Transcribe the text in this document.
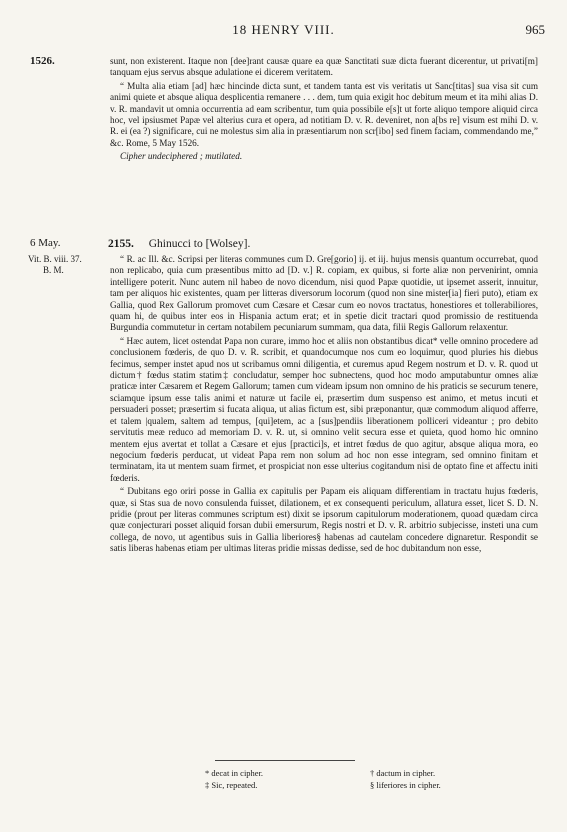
18 HENRY VIII.	965
1526.	sunt, non existerent. Itaque non [dee]rant causæ quare ea quæ Sanctitati suæ dicta fuerant dicerentur, ut privati[m] tanquam ejus servus absque adulatione ei dicerem veritatem.

“ Multa alia etiam [ad] hæc hincinde dicta sunt, et tandem tanta est vis veritatis ut Sanc[titas] sua visa sit cum animi quiete et absque aliqua desplicentia remanere . . . dem, tum quia exigit hoc debitum meum et ita mihi alias D. v. R. mandavit ut omnia occurrentia ad eam scribentur, tum quia possibile e[s]t ut forte aliquo tempore aliquid circa hoc, vel ipsiusmet Papæ vel alterius cura et opera, ad notitiam D. v. R. deveniret, non a[bs re] visum est mihi D. v. R. ei (ea ?) significare, cui ne molestus sim alia in præsentiarum non scr[ibo] sed finem faciam, commendando me,” &c. Rome, 5 May 1526.

Cipher undeciphered ; mutilated.

6 May.
Vit. B. viii. 37.
B. M.
2155. Ghinucci to [Wolsey].

“ R. ac Ill. &c. Scripsi per literas communes cum D. Gre[gorio] ij. et iij. hujus mensis quantum occurrebat, quod non replicabo, quia cum præsentibus mitto ad [D. v.] R. copiam, ex quibus, si forte aliæ non pervenirint, omnia intelligere poterit. Nunc autem nil habeo de novo dicendum, nisi quod Papæ quotidie, ut ipsemet asserit, innuitur, tam per aliquos hic existentes, quam per litteras diversorum locorum (quod non sine mister[ia] fieri puto), etiam ex Gallia, quod Rex Gallorum promovet cum Cæsare et Cæsar cum eo novos tractatus, honestiores et tollerabiliores, quam hi, de quibus inter eos in Hispania actum erat; et in spetie dicit tractari quod promissio de restituenda Burgundia commutetur in certam notabilem pecuniarum summam, qua data, filii Regis Gallorum relaxentur.

“ Hæc autem, licet ostendat Papa non curare, immo hoc et aliis non obstantibus dicat* velle omnino procedere ad conclusionem fœderis, de quo D. v. R. scribit, et quandocumque nos cum eo loquimur, quod pluries his diebus fecimus, semper instet apud nos ut scribamus omni diligentia, et curemus apud Regem nostrum et D. v. R. quod ut dictum† fœdus statim statim‡ concludatur, semper hoc subnectens, quod hoc modo amputabuntur omnes aliæ praticæ inter Cæsarem et Regem Gallorum; tamen cum videam ipsum non omnino de his praticis se securum tenere, sciamque ipsum esse talis animi et naturæ ut facile ei, præsertim dum suspenso est animo, et metus incuti et persuaderi posset; præsertim si fucata aliqua, ut alias fictum est, sibi præponantur, quæ commodum aliquod afferre, et talem |qualem, saltem ad tempus, [qui]etem, ac a [sus]pendiis liberationem polliceri videantur ; pro debito servitutis meæ reduco ad memoriam D. v. R. ut, si omnino velit secura esse et quieta, quod homo hic omnino mentem ejus avertat et tollat a Cæsare et ejus [practici]s, et intret fœdus de quo agitur, absque aliqua mora, eo negocium fœderis perducat, ut videat Papa rem non solum ad hoc non esse integram, sed omnino finitam et terminatam, ita ut mentem suam firmet, et prospiciat non esse ulterius cogitandum nisi de optato fine et affectu initi fœderis.

“ Dubitans ego oriri posse in Gallia ex capitulis per Papam eis aliquam differentiam in tractatu hujus fœderis, quæ, si Stas sua de novo consulenda fuisset, dilationem, et ex consequenti periculum, allatura esset, licet S. D. N. pridie (prout per literas communes scriptum est) dixit se ipsorum capitulorum moderationem, quoad quædam circa quæ conjecturari posset aliquid forsan dubii emersurum, Regis nostri et D. v. R. arbitrio subjecisse, insteti una cum collega, de novo, ut agentibus suis in Gallia liberiores§ habenas ad cautelam concedere dignaretur. Respondit se satis liberas habenas etiam per ultimas literas pridie missas dedisse, sed de hoc dubitandum non esse,

* decat in cipher.	† dactum in cipher.
‡ Sic, repeated.	§ liferiores in cipher.
